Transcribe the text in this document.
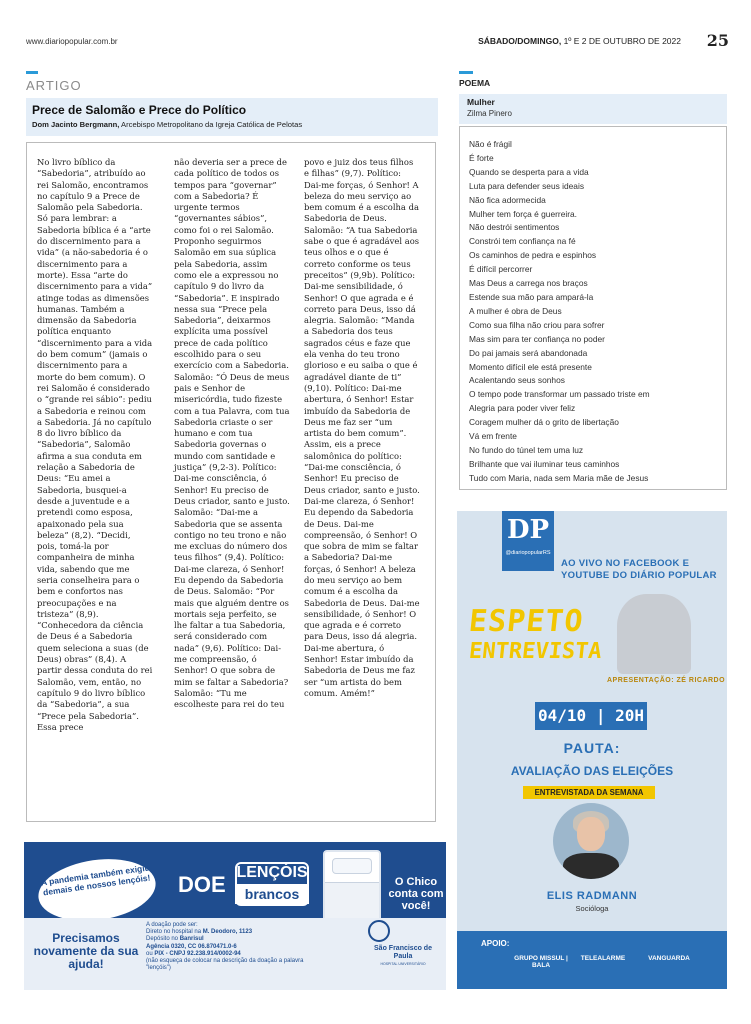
www.diariopopular.com.br	SÁBADO/DOMINGO, 1º E 2 DE OUTUBRO DE 2022 25
ARTIGO
Prece de Salomão e Prece do Político
Dom Jacinto Bergmann, Arcebispo Metropolitano da Igreja Católica de Pelotas
No livro bíblico da “Sabedoria”, atribuído ao rei Salomão, encontramos no capítulo 9 a Prece de Salomão pela Sabedoria. Só para lembrar: a Sabedoria bíblica é a “arte do discernimento para a vida” (a não-sabedoria é o discernimento para a morte). Essa “arte do discernimento para a vida” atinge todas as dimensões humanas. Também a dimensão da Sabedoria política enquanto “discernimento para a vida do bem comum” (jamais o discernimento para a morte do bem comum). O rei Salomão é considerado o “grande rei sábio”: pediu a Sabedoria e reinou com a Sabedoria. Já no capítulo 8 do livro bíblico da “Sabedoria”, Salomão afirma a sua conduta em relação a Sabedoria de Deus: “Eu amei a Sabedoria, busquei-a desde a juventude e a pretendi como esposa, apaixonado pela sua beleza” (8,2). “Decidi, pois, tomá-la por companheira de minha vida, sabendo que me seria conselheira para o bem e confortos nas preocupações e na tristeza” (8,9). “Conhecedora da ciência de Deus é a Sabedoria quem seleciona a suas (de Deus) obras” (8,4). A partir dessa conduta do rei Salomão, vem, então, no capítulo 9 do livro bíblico da “Sabedoria”, a sua “Prece pela Sabedoria”. Essa prece
não deveria ser a prece de cada político de todos os tempos para “governar” com a Sabedoria? É urgente termos “governantes sábios”, como foi o rei Salomão. Proponho seguirmos Salomão em sua súplica pela Sabedoria, assim como ele a expressou no capítulo 9 do livro da “Sabedoria”. E inspirado nessa sua “Prece pela Sabedoria”, deixarmos explícita uma possível prece de cada político escolhido para o seu exercício com a Sabedoria. Salomão: “Ó Deus de meus pais e Senhor de misericórdia, tudo fizeste com a tua Palavra, com tua Sabedoria criaste o ser humano e com tua Sabedoria governas o mundo com santidade e justiça” (9,2-3). Político: Dai-me consciência, ó Senhor! Eu preciso de Deus criador, santo e justo. Salomão: “Dai-me a Sabedoria que se assenta contigo no teu trono e não me excluas do número dos teus filhos” (9,4). Político: Dai-me clareza, ó Senhor! Eu dependo da Sabedoria de Deus. Salomão: “Por mais que alguém dentre os mortais seja perfeito, se lhe faltar a tua Sabedoria, será considerado com nada” (9,6). Político: Dai-me compreensão, ó Senhor! O que sobra de mim se faltar a Sabedoria? Salomão: “Tu me escolheste para rei do teu
povo e juiz dos teus filhos e filhas” (9,7). Político: Dai-me forças, ó Senhor! A beleza do meu serviço ao bem comum é a escolha da Sabedoria de Deus. Salomão: “A tua Sabedoria sabe o que é agradável aos teus olhos e o que é correto conforme os teus preceitos” (9,9b). Político: Dai-me sensibilidade, ó Senhor! O que agrada e é correto para Deus, isso dá alegria. Salomão: “Manda a Sabedoria dos teus sagrados céus e faze que ela venha do teu trono glorioso e eu saiba o que é agradável diante de ti” (9,10). Político: Dai-me abertura, ó Senhor! Estar imbuído da Sabedoria de Deus me faz ser “um artista do bem comum”. Assim, eis a prece salomônica do político: “Dai-me consciência, ó Senhor! Eu preciso de Deus criador, santo e justo. Dai-me clareza, ó Senhor! Eu dependo da Sabedoria de Deus. Dai-me compreensão, ó Senhor! O que sobra de mim se faltar a Sabedoria? Dai-me forças, ó Senhor! A beleza do meu serviço ao bem comum é a escolha da Sabedoria de Deus. Dai-me sensibilidade, ó Senhor! O que agrada e é correto para Deus, isso dá alegria. Dai-me abertura, ó Senhor! Estar imbuído da Sabedoria de Deus me faz ser “um artista do bem comum. Amém!”
POEMA
Mulher
Zilma Pinero
Não é frágil
É forte
Quando se desperta para a vida
Luta para defender seus ideais
Não fica adormecida
Mulher tem força é guerreira.
Não destrói sentimentos
Constrói tem confiança na fé
Os caminhos de pedra e espinhos
É difícil percorrer
Mas Deus a carrega nos braços
Estende sua mão para ampará-la
A mulher é obra de Deus
Como sua filha não criou para sofrer
Mas sim para ter confiança no poder
Do pai jamais será abandonada
Momento difícil ele está presente
Acalentando seus sonhos
O tempo pode transformar um passado triste em
Alegria para poder viver feliz
Coragem mulher dá o grito de libertação
Vá em frente
No fundo do túnel tem uma luz
Brilhante que vai iluminar teus caminhos
Tudo com Maria, nada sem Maria mãe de Jesus
A pandemia também exigiu demais de nossos lençóis! DOE LENÇÓIS
brancos
O Chico conta com você!
Precisamos novamente da sua ajuda!
A doação pode ser:
Direto no hospital na M. Deodoro, 1123
Depósito no Banrisul
Agência 0320, CC 06.870471.0-6
ou PIX - CNPJ 92.238.914/0002-94
(não esqueça de colocar na descrição da doação a palavra "lençóis")
São Francisco de Paula
HOSPITAL UNIVERSITÁRIO
DP
@diariopopularRS
AO VIVO NO FACEBOOK E YOUTUBE DO DIÁRIO POPULAR
ESPETO
ENTREVISTA
APRESENTAÇÃO: ZÉ RICARDO
04/10 | 20H
PAUTA:
AVALIAÇÃO DAS ELEIÇÕES
ENTREVISTADA DA SEMANA
ELIS RADMANN
Socióloga
APOIO:
GRUPO MISSUL | BALA
TELEALARME	VANGUARDA
